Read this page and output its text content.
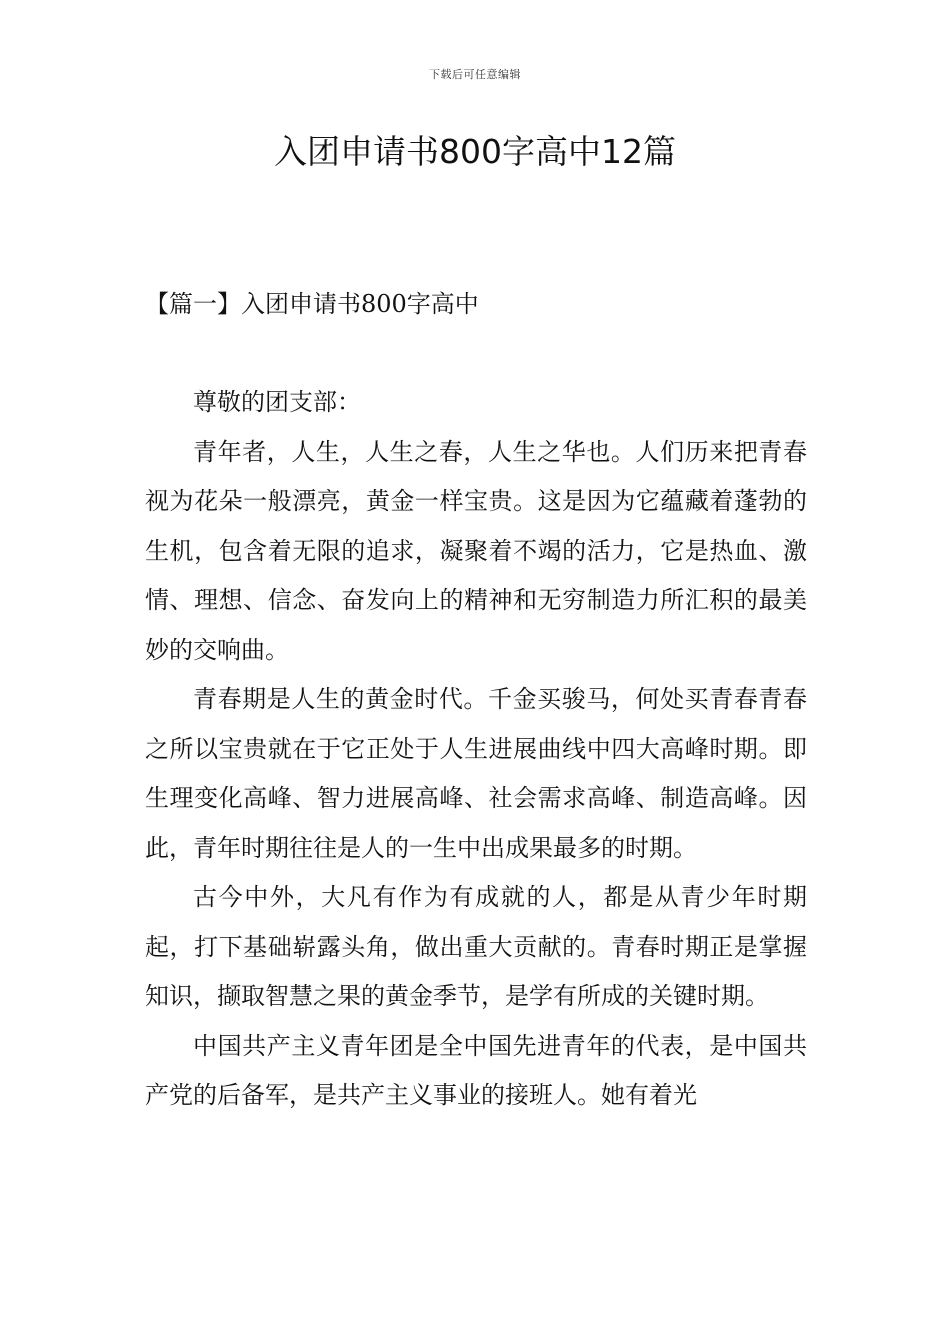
下载后可任意编辑
入团申请书800字高中12篇
【篇一】入团申请书800字高中

尊敬的团支部：

青年者，人生，人生之春，人生之华也。人们历来把青春视为花朵一般漂亮，黄金一样宝贵。这是因为它蕴藏着蓬勃的生机，包含着无限的追求，凝聚着不竭的活力，它是热血、激情、理想、信念、奋发向上的精神和无穷制造力所汇积的最美妙的交响曲。

青春期是人生的黄金时代。千金买骏马，何处买青春青春之所以宝贵就在于它正处于人生进展曲线中四大高峰时期。即生理变化高峰、智力进展高峰、社会需求高峰、制造高峰。因此，青年时期往往是人的一生中出成果最多的时期。

古今中外，大凡有作为有成就的人，都是从青少年时期起，打下基础崭露头角，做出重大贡献的。青春时期正是掌握知识，撷取智慧之果的黄金季节，是学有所成的关键时期。

中国共产主义青年团是全中国先进青年的代表，是中国共产党的后备军，是共产主义事业的接班人。她有着光
